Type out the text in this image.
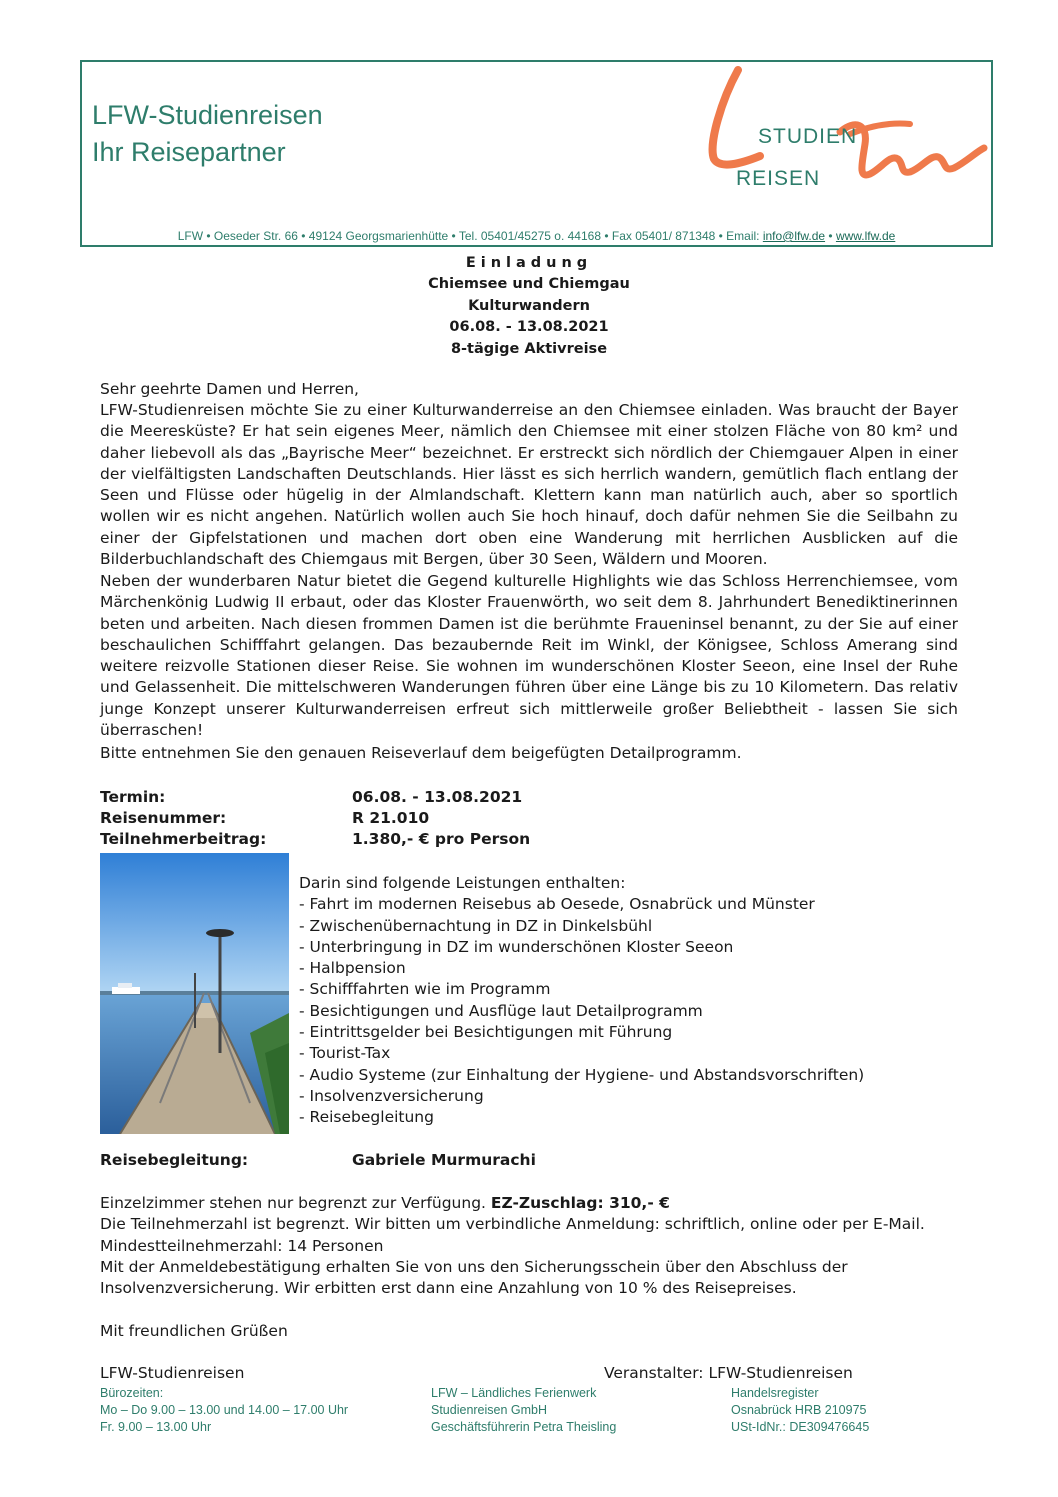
LFW-Studienreisen
Ihr Reisepartner
STUDIEN
REISEN
LFW • Oeseder Str. 66 • 49124 Georgsmarienhütte • Tel. 05401/45275 o. 44168 • Fax 05401/ 871348 • Email: info@lfw.de • www.lfw.de
Einladung
Chiemsee und Chiemgau
Kulturwandern
06.08. - 13.08.2021
8-tägige Aktivreise
Sehr geehrte Damen und Herren,
LFW-Studienreisen möchte Sie zu einer Kulturwanderreise an den Chiemsee einladen. Was braucht der Bayer die Meeresküste? Er hat sein eigenes Meer, nämlich den Chiemsee mit einer stolzen Fläche von 80 km² und daher liebevoll als das „Bayrische Meer“ bezeichnet. Er erstreckt sich nördlich der Chiemgauer Alpen in einer der vielfältigsten Landschaften Deutschlands. Hier lässt es sich herrlich wandern, gemütlich flach entlang der Seen und Flüsse oder hügelig in der Almlandschaft. Klettern kann man natürlich auch, aber so sportlich wollen wir es nicht angehen. Natürlich wollen auch Sie hoch hinauf, doch dafür nehmen Sie die Seilbahn zu einer der Gipfelstationen und machen dort oben eine Wanderung mit herrlichen Ausblicken auf die Bilderbuchlandschaft des Chiemgaus mit Bergen, über 30 Seen, Wäldern und Mooren.
Neben der wunderbaren Natur bietet die Gegend kulturelle Highlights wie das Schloss Herrenchiemsee, vom Märchenkönig Ludwig II erbaut, oder das Kloster Frauenwörth, wo seit dem 8. Jahrhundert Benediktinerinnen beten und arbeiten. Nach diesen frommen Damen ist die berühmte Fraueninsel benannt, zu der Sie auf einer beschaulichen Schifffahrt gelangen. Das bezaubernde Reit im Winkl, der Königsee, Schloss Amerang sind weitere reizvolle Stationen dieser Reise. Sie wohnen im wunderschönen Kloster Seeon, eine Insel der Ruhe und Gelassenheit. Die mittelschweren Wanderungen führen über eine Länge bis zu 10 Kilometern. Das relativ junge Konzept unserer Kulturwanderreisen erfreut sich mittlerweile großer Beliebtheit - lassen Sie sich überraschen!
Bitte entnehmen Sie den genauen Reiseverlauf dem beigefügten Detailprogramm.
Termin:	06.08. - 13.08.2021
Reisenummer:	R 21.010
Teilnehmerbeitrag:	1.380,- € pro Person
Darin sind folgende Leistungen enthalten:
- Fahrt im modernen Reisebus ab Oesede, Osnabrück und Münster
- Zwischenübernachtung in DZ in Dinkelsbühl
- Unterbringung in DZ im wunderschönen Kloster Seeon
- Halbpension
- Schifffahrten wie im Programm
- Besichtigungen und Ausflüge laut Detailprogramm
- Eintrittsgelder bei Besichtigungen mit Führung
- Tourist-Tax
- Audio Systeme (zur Einhaltung der Hygiene- und Abstandsvorschriften)
- Insolvenzversicherung
- Reisebegleitung
Reisebegleitung:	Gabriele Murmurachi
Einzelzimmer stehen nur begrenzt zur Verfügung. EZ-Zuschlag: 310,- €
Die Teilnehmerzahl ist begrenzt. Wir bitten um verbindliche Anmeldung: schriftlich, online oder per E-Mail.
Mindestteilnehmerzahl: 14 Personen
Mit der Anmeldebestätigung erhalten Sie von uns den Sicherungsschein über den Abschluss der
Insolvenzversicherung. Wir erbitten erst dann eine Anzahlung von 10 % des Reisepreises.
Mit freundlichen Grüßen
LFW-Studienreisen	Veranstalter: LFW-Studienreisen
Bürozeiten:
Mo – Do 9.00 – 13.00 und 14.00 – 17.00 Uhr
Fr. 9.00 – 13.00 Uhr
LFW – Ländliches Ferienwerk
Studienreisen GmbH
Geschäftsführerin Petra Theisling
Handelsregister
Osnabrück HRB 210975
USt-IdNr.: DE309476645
